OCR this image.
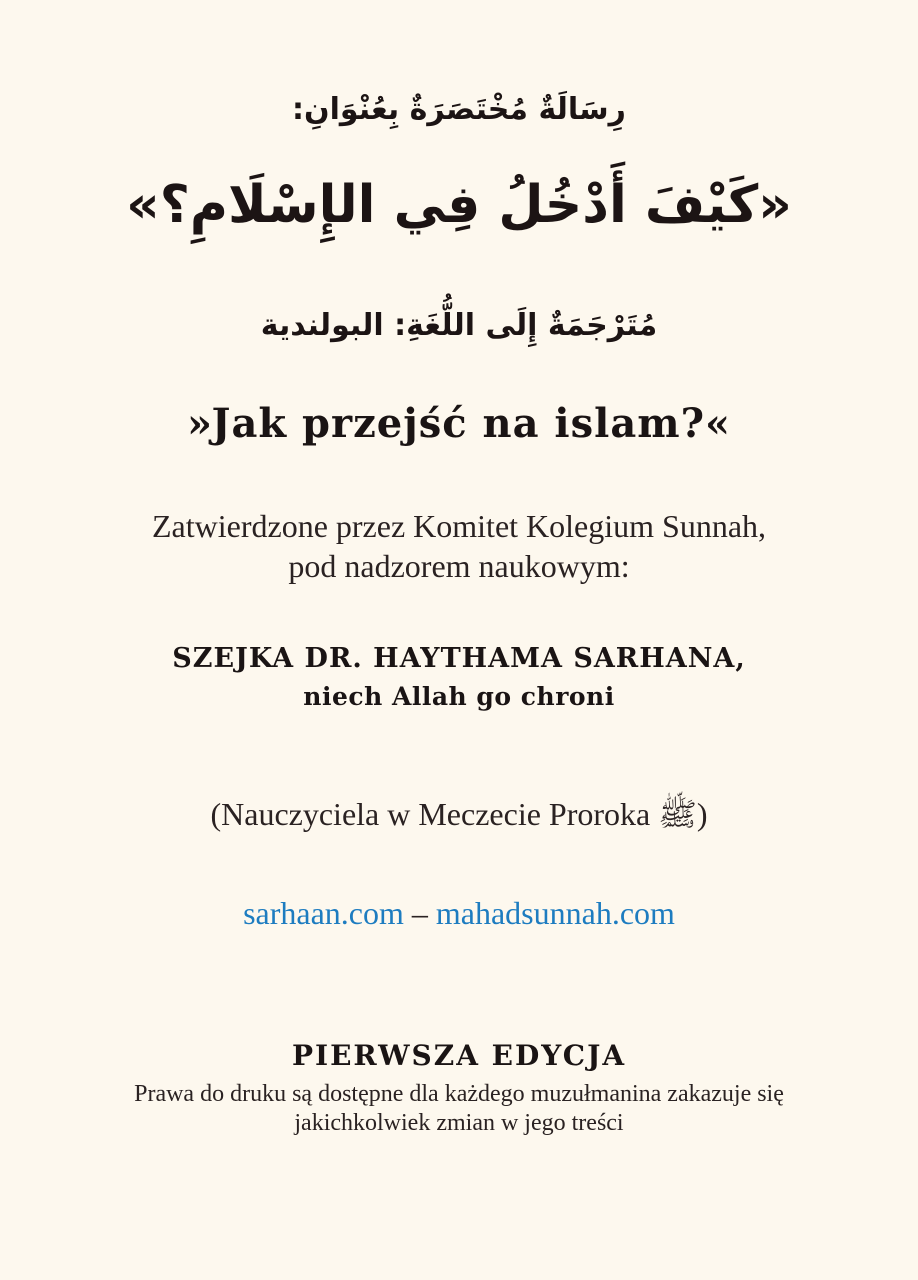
رِسَالَةٌ مُخْتَصَرَةٌ بِعُنْوَانِ:
«كَيْفَ أَدْخُلُ فِي الإِسْلَامِ؟»
مُتَرْجَمَةٌ إِلَى اللُّغَةِ: البولندية
»Jak przejść na islam?«
Zatwierdzone przez Komitet Kolegium Sunnah,
pod nadzorem naukowym:
SZEJKA DR. HAYTHAMA SARHANA,
niech Allah go chroni
(Nauczyciela w Meczecie Proroka ﷺ)
sarhaan.com – mahadsunnah.com
PIERWSZA EDYCJA
Prawa do druku są dostępne dla każdego muzułmanina zakazuje się
jakichkolwiek zmian w jego treści
